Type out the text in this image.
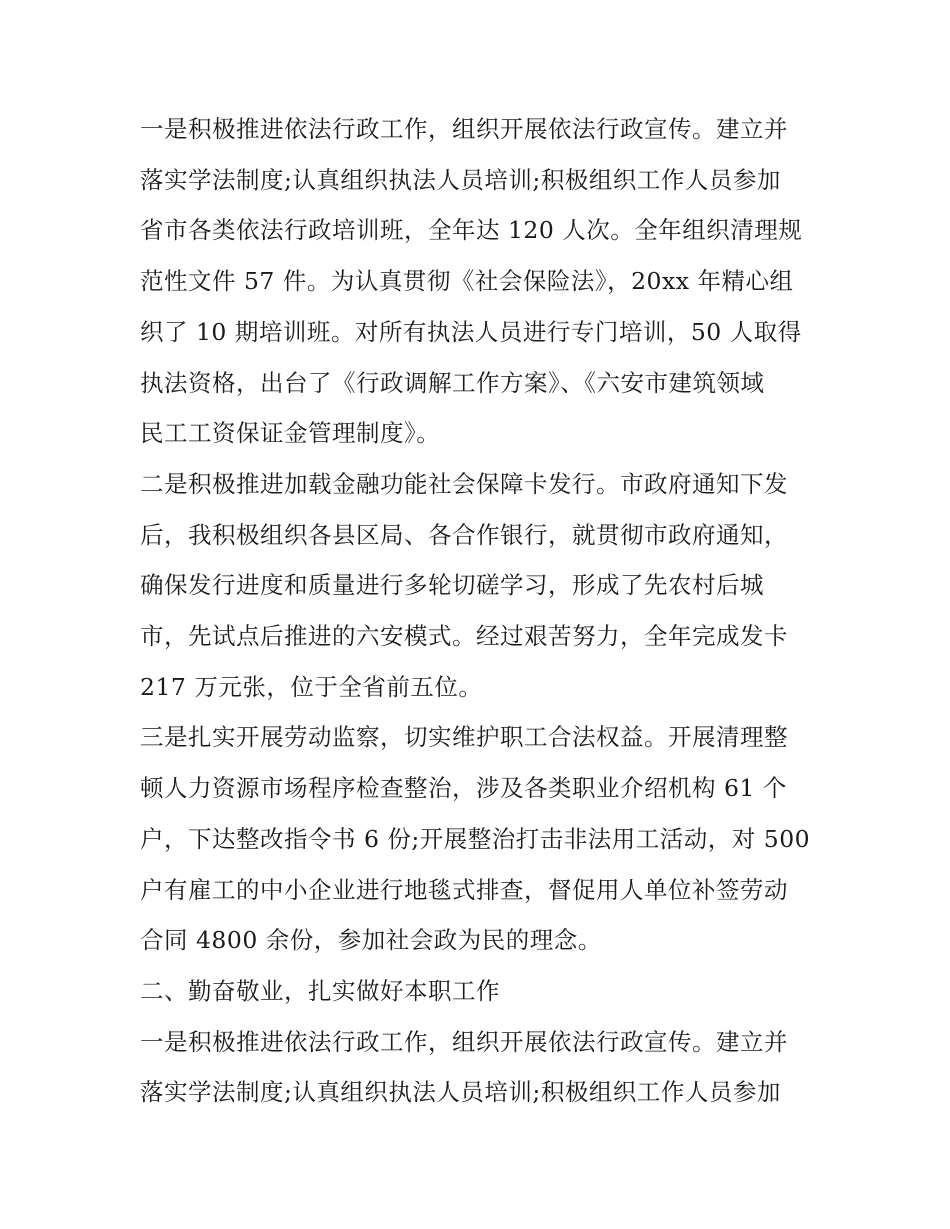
一是积极推进依法行政工作，组织开展依法行政宣传。建立并
落实学法制度;认真组织执法人员培训;积极组织工作人员参加
省市各类依法行政培训班，全年达 120 人次。全年组织清理规
范性文件 57 件。为认真贯彻《社会保险法》，20xx 年精心组
织了 10 期培训班。对所有执法人员进行专门培训，50 人取得
执法资格，出台了《行政调解工作方案》、《六安市建筑领域
民工工资保证金管理制度》。

二是积极推进加载金融功能社会保障卡发行。市政府通知下发
后，我积极组织各县区局、各合作银行，就贯彻市政府通知，
确保发行进度和质量进行多轮切磋学习，形成了先农村后城
市，先试点后推进的六安模式。经过艰苦努力，全年完成发卡
217 万元张，位于全省前五位。

三是扎实开展劳动监察，切实维护职工合法权益。开展清理整
顿人力资源市场程序检查整治，涉及各类职业介绍机构 61 个
户，下达整改指令书 6 份;开展整治打击非法用工活动，对 500
户有雇工的中小企业进行地毯式排查，督促用人单位补签劳动
合同 4800 余份，参加社会政为民的理念。

二、勤奋敬业，扎实做好本职工作

一是积极推进依法行政工作，组织开展依法行政宣传。建立并
落实学法制度;认真组织执法人员培训;积极组织工作人员参加
